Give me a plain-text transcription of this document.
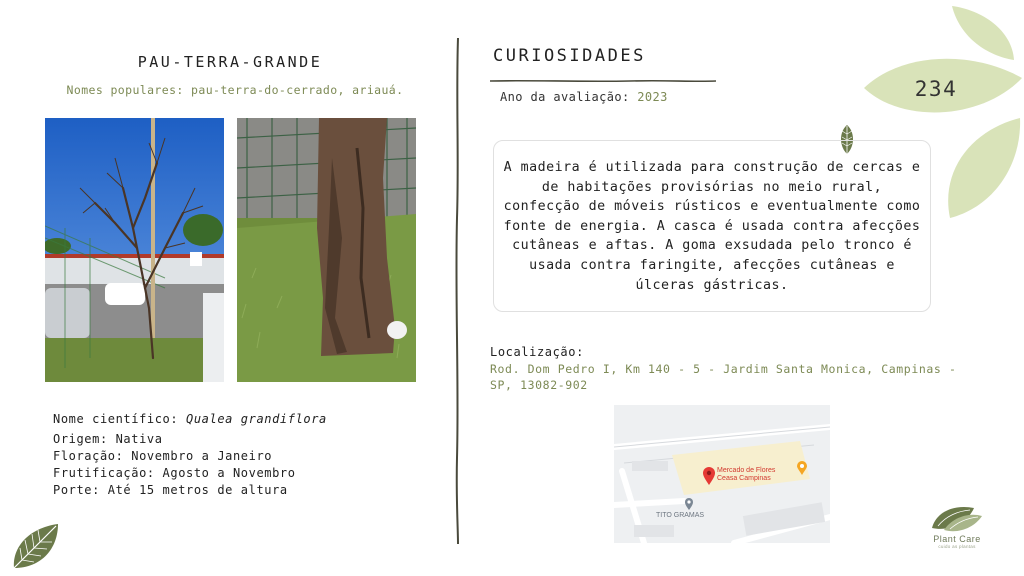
PAU-TERRA-GRANDE
Nomes populares: pau-terra-do-cerrado, ariauá.
Nome científico: Qualea grandiflora
Origem: Nativa
Floração: Novembro a Janeiro
Frutificação: Agosto a Novembro
Porte: Até 15 metros de altura
CURIOSIDADES
Ano da avaliação: 2023	234
A madeira é utilizada para construção de cercas e de habitações provisórias no meio rural, confecção de móveis rústicos e eventualmente como fonte de energia. A casca é usada contra afecções cutâneas e aftas. A goma exsudada pelo tronco é usada contra faringite, afecções cutâneas e úlceras gástricas.
Localização:
Rod. Dom Pedro I, Km 140 - 5 - Jardim Santa Monica, Campinas - SP, 13082-902
Mercado de Flores
Ceasa Campinas
TITO GRAMAS
Plant Care
cuido as plantas
